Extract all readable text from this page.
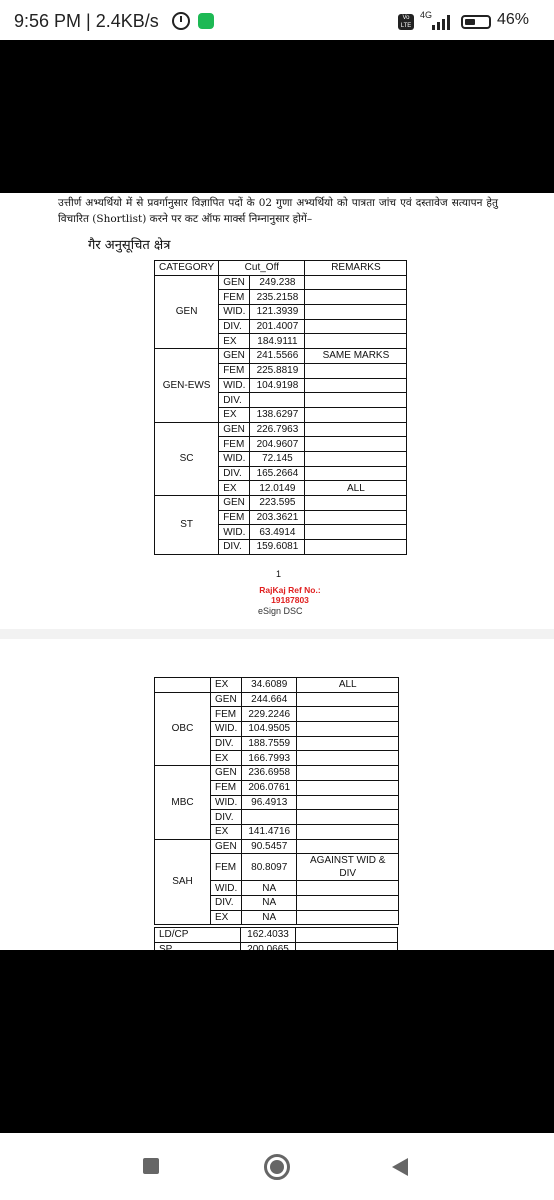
9:56 PM | 2.4KB/s	Vo LTE
4G	46%

उत्तीर्ण अभ्यर्थियो में से प्रवर्गानुसार विज्ञापित पदों के 02 गुणा अभ्यर्थियो को पात्रता जांच एवं दस्तावेज सत्यापन हेतु विचारित (Shortlist) करने पर कट ऑफ मार्क्स निम्नानुसार होगें–

गैर अनुसूचित क्षेत्र
CATEGORY	Cut_Off		REMARKS
GEN	GEN	249.238	
	FEM	235.2158	
	WID.	121.3939	
	DIV.	201.4007	
	EX	184.9111	
GEN-EWS	GEN	241.5566	SAME MARKS
	FEM	225.8819	
	WID.	104.9198	
	DIV.		
	EX	138.6297	
SC	GEN	226.7963	
	FEM	204.9607	
	WID.	72.145	
	DIV.	165.2664	
	EX	12.0149	ALL
ST	GEN	223.595	
	FEM	203.3621	
	WID.	63.4914	
	DIV.	159.6081	
1
RajKaj Ref No.:
19187803
eSign DSC
	EX	34.6089	ALL
OBC	GEN	244.664	
	FEM	229.2246	
	WID.	104.9505	
	DIV.	188.7559	
	EX	166.7993	
MBC	GEN	236.6958	
	FEM	206.0761	
	WID.	96.4913	
	DIV.		
	EX	141.4716	
SAH	GEN	90.5457	
	FEM	80.8097	AGAINST WID & DIV
	WID.	NA	
	DIV.	NA	
	EX	NA	
LD/CP	162.4033	
